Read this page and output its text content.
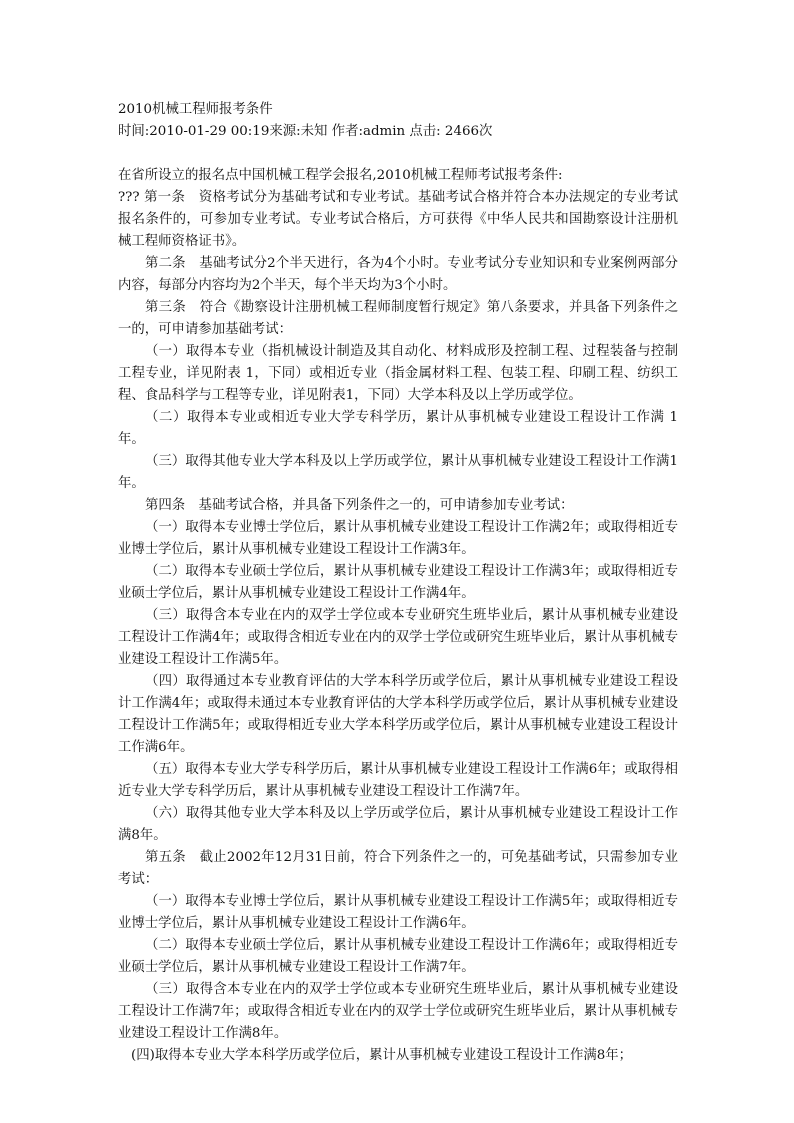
2010机械工程师报考条件
时间:2010-01-29 00:19来源:未知 作者:admin 点击: 2466次

在省所设立的报名点中国机械工程学会报名,2010机械工程师考试报考条件:

??? 第一条　资格考试分为基础考试和专业考试。基础考试合格并符合本办法规定的专业考试报名条件的，可参加专业考试。专业考试合格后，方可获得《中华人民共和国勘察设计注册机械工程师资格证书》。

第二条　基础考试分2个半天进行，各为4个小时。专业考试分专业知识和专业案例两部分内容，每部分内容均为2个半天，每个半天均为3个小时。

第三条　符合《勘察设计注册机械工程师制度暂行规定》第八条要求，并具备下列条件之一的，可申请参加基础考试：

（一）取得本专业（指机械设计制造及其自动化、材料成形及控制工程、过程装备与控制工程专业，详见附表 1，下同）或相近专业（指金属材料工程、包装工程、印刷工程、纺织工程、食品科学与工程等专业，详见附表1，下同）大学本科及以上学历或学位。

（二）取得本专业或相近专业大学专科学历，累计从事机械专业建设工程设计工作满 1年。

（三）取得其他专业大学本科及以上学历或学位，累计从事机械专业建设工程设计工作满1年。

第四条　基础考试合格，并具备下列条件之一的，可申请参加专业考试：

（一）取得本专业博士学位后，累计从事机械专业建设工程设计工作满2年；或取得相近专业博士学位后，累计从事机械专业建设工程设计工作满3年。

（二）取得本专业硕士学位后，累计从事机械专业建设工程设计工作满3年；或取得相近专业硕士学位后，累计从事机械专业建设工程设计工作满4年。

（三）取得含本专业在内的双学士学位或本专业研究生班毕业后，累计从事机械专业建设工程设计工作满4年；或取得含相近专业在内的双学士学位或研究生班毕业后，累计从事机械专业建设工程设计工作满5年。

（四）取得通过本专业教育评估的大学本科学历或学位后，累计从事机械专业建设工程设计工作满4年；或取得未通过本专业教育评估的大学本科学历或学位后，累计从事机械专业建设工程设计工作满5年；或取得相近专业大学本科学历或学位后，累计从事机械专业建设工程设计工作满6年。

（五）取得本专业大学专科学历后，累计从事机械专业建设工程设计工作满6年；或取得相近专业大学专科学历后，累计从事机械专业建设工程设计工作满7年。

（六）取得其他专业大学本科及以上学历或学位后，累计从事机械专业建设工程设计工作满8年。

第五条　截止2002年12月31日前，符合下列条件之一的，可免基础考试，只需参加专业考试：

（一）取得本专业博士学位后，累计从事机械专业建设工程设计工作满5年；或取得相近专业博士学位后，累计从事机械专业建设工程设计工作满6年。

（二）取得本专业硕士学位后，累计从事机械专业建设工程设计工作满6年；或取得相近专业硕士学位后，累计从事机械专业建设工程设计工作满7年。

（三）取得含本专业在内的双学士学位或本专业研究生班毕业后，累计从事机械专业建设工程设计工作满7年；或取得含相近专业在内的双学士学位或研究生班毕业后，累计从事机械专业建设工程设计工作满8年。

(四)取得本专业大学本科学历或学位后，累计从事机械专业建设工程设计工作满8年；
